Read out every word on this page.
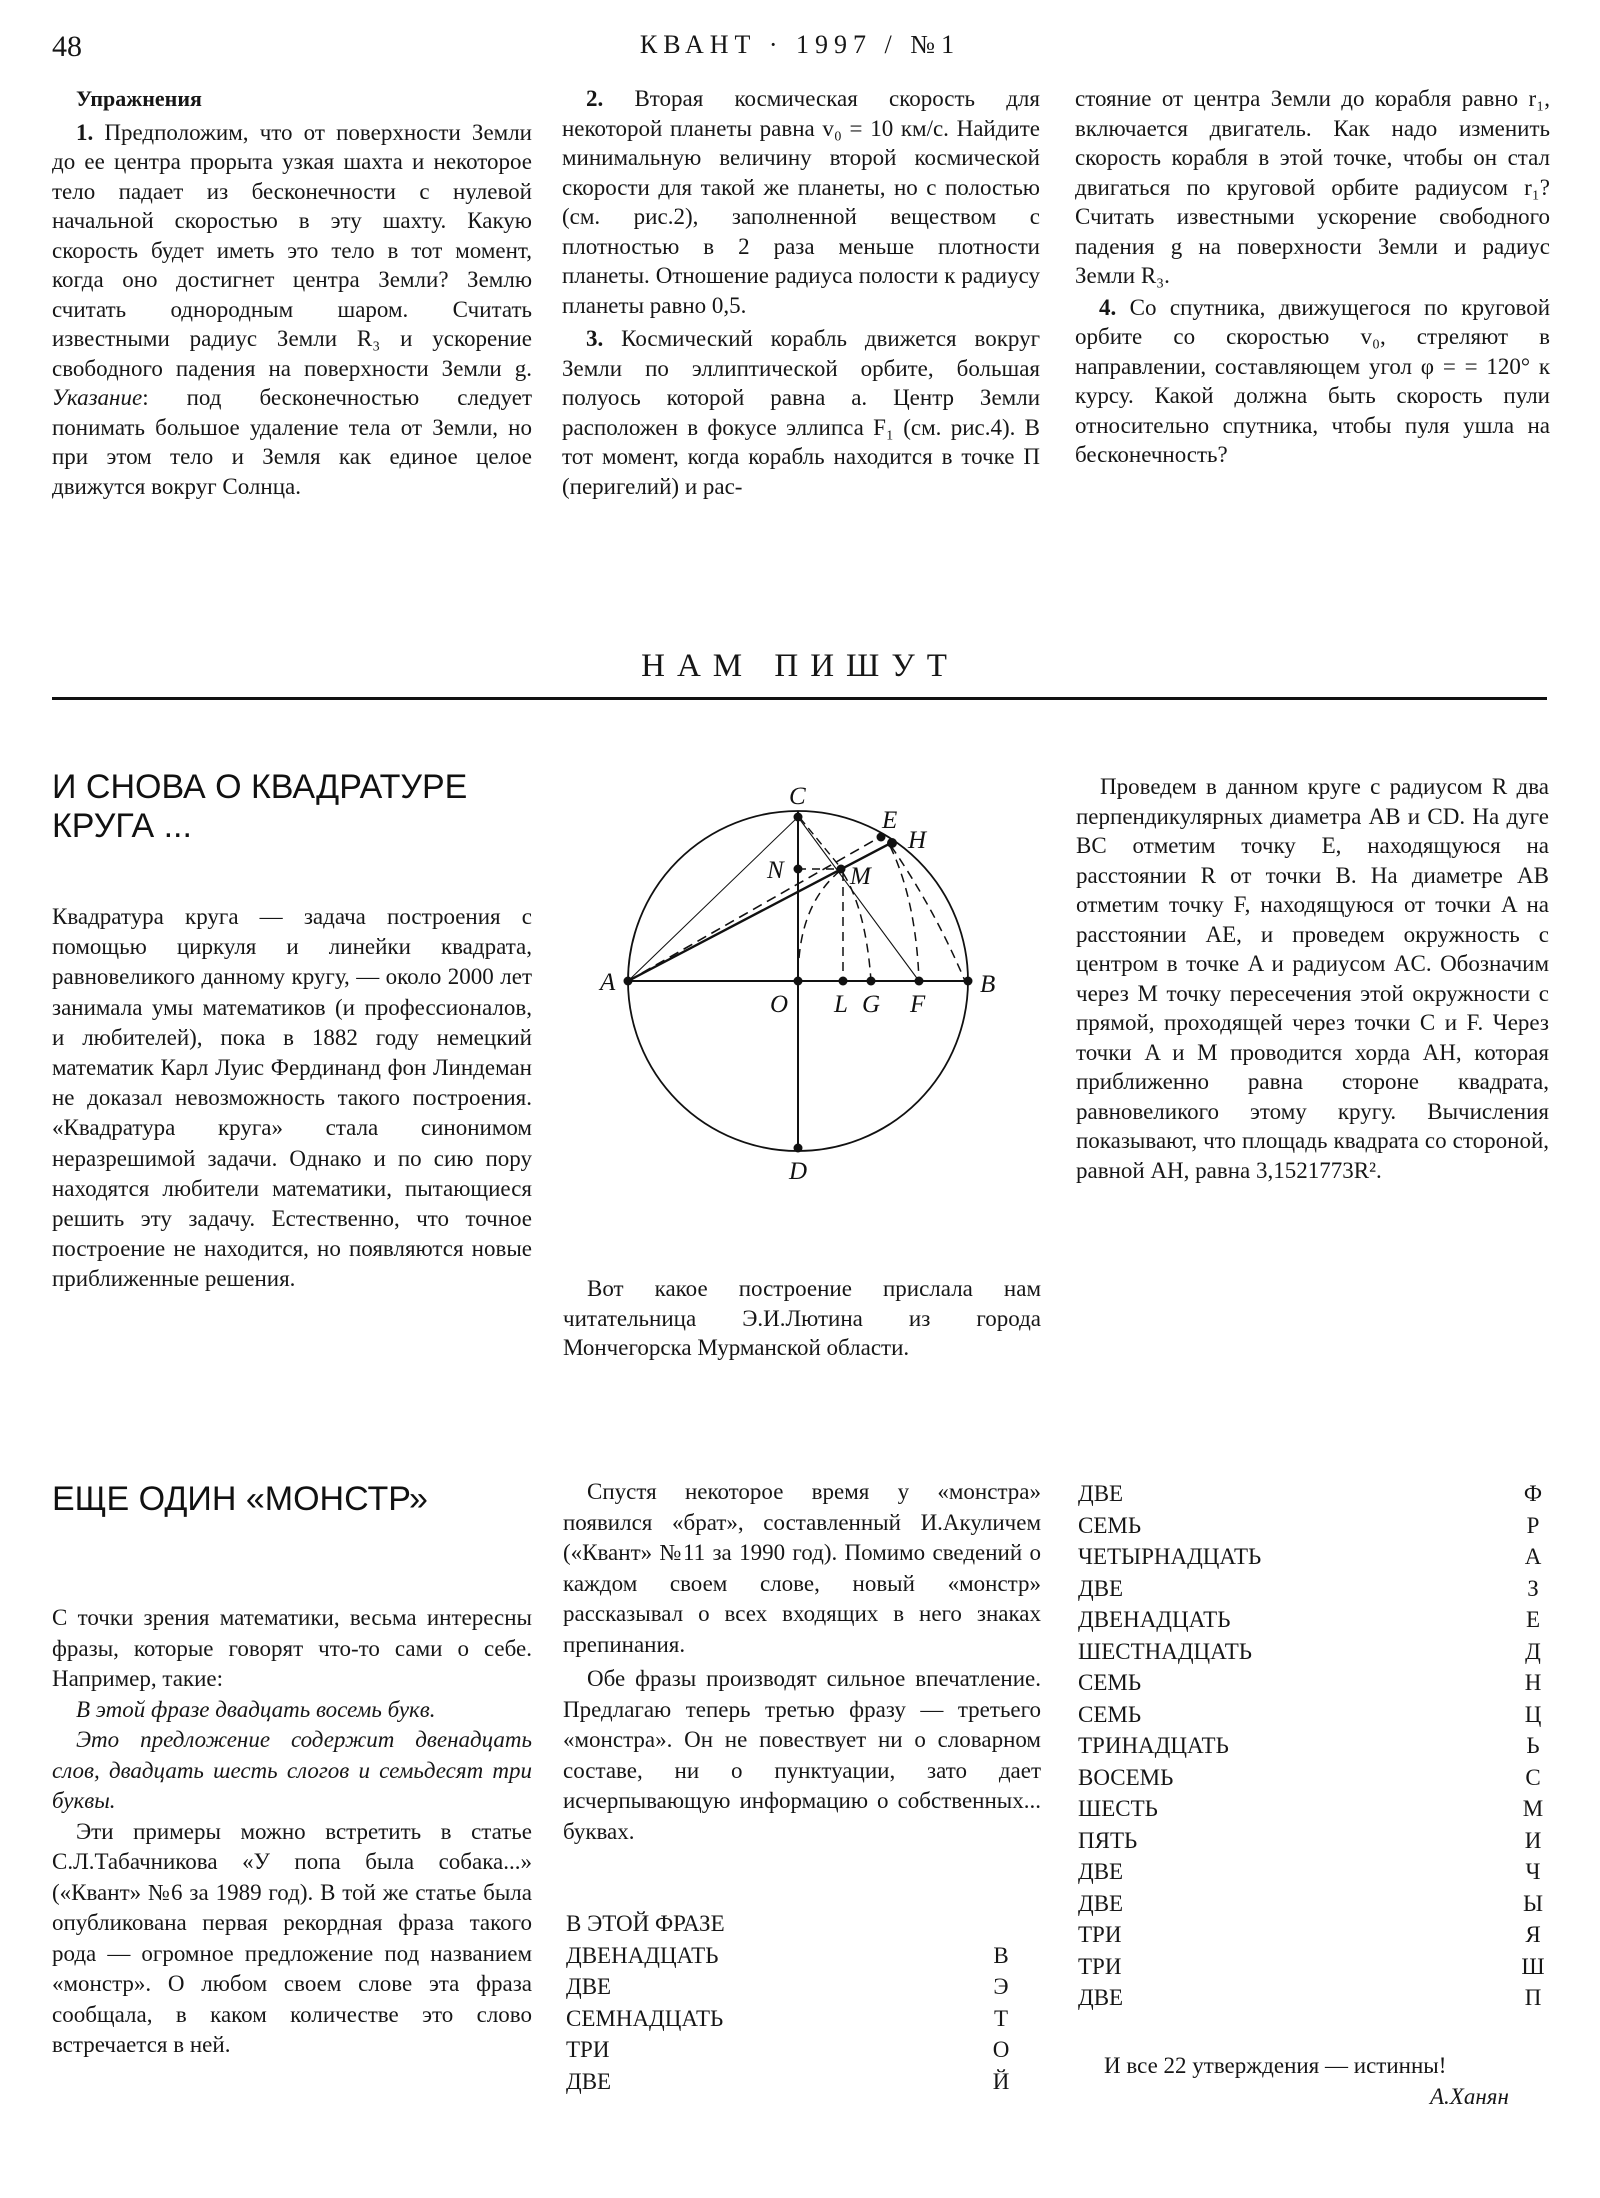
48	КВАНТ · 1997 / №1
Упражнения

1. Предположим, что от поверхности Земли до ее центра прорыта узкая шахта и некоторое тело падает из бесконечности с нулевой начальной скоростью в эту шахту. Какую скорость будет иметь это тело в тот момент, когда оно достигнет центра Земли? Землю считать однородным шаром. Считать известными радиус Земли R₃ и ускорение свободного падения на поверхности Земли g. Указание: под бесконечностью следует понимать большое удаление тела от Земли, но при этом тело и Земля как единое целое движутся вокруг Солнца.

2. Вторая космическая скорость для некоторой планеты равна v₀ = 10 км/с. Найдите минимальную величину второй космической скорости для такой же планеты, но с полостью (см. рис.2), заполненной веществом с плотностью в 2 раза меньше плотности планеты. Отношение радиуса полости к радиусу планеты равно 0,5.

3. Космический корабль движется вокруг Земли по эллиптической орбите, большая полуось которой равна a. Центр Земли расположен в фокусе эллипса F₁ (см. рис.4). В тот момент, когда корабль находится в точке П (перигелий) и рас-

стояние от центра Земли до корабля равно r₁, включается двигатель. Как надо изменить скорость корабля в этой точке, чтобы он стал двигаться по круговой орбите радиусом r₁? Считать известными ускорение свободного падения g на поверхности Земли и радиус Земли R₃.

4. Со спутника, движущегося по круговой орбите со скоростью v₀, стреляют в направлении, составляющем угол φ = = 120° к курсу. Какой должна быть скорость пули относительно спутника, чтобы пуля ушла на бесконечность?

НАМ ПИШУТ
И СНОВА О КВАДРАТУРЕ КРУГА ...

Квадратура круга — задача построения с помощью циркуля и линейки квадрата, равновеликого данному кругу, — около 2000 лет занимала умы математиков (и профессионалов, и любителей), пока в 1882 году немецкий математик Карл Луис Фердинанд фон Линдеман не доказал невозможность такого построения. «Квадратура круга» стала синонимом неразрешимой задачи. Однако и по сию пору находятся любители математики, пытающиеся решить эту задачу. Естественно, что точное построение не находится, но появляются новые приближенные решения.

A	B
C
D
E
H
N	M
O L G F

Вот какое построение прислала нам читательница Э.И.Лютина из города Мончегорска Мурманской области.

Проведем в данном круге с радиусом R два перпендикулярных диаметра AB и CD. На дуге BC отметим точку E, находящуюся на расстоянии R от точки B. На диаметре AB отметим точку F, находящуюся от точки A на расстоянии AE, и проведем окружность с центром в точке A и радиусом AC. Обозначим через M точку пересечения этой окружности с прямой, проходящей через точки C и F. Через точки A и M проводится хорда AH, которая приближенно равна стороне квадрата, равновеликого этому кругу. Вычисления показывают, что площадь квадрата со стороной, равной AH, равна 3,1521773R².

ЕЩЕ ОДИН «МОНСТР»

С точки зрения математики, весьма интересны фразы, которые говорят что-то сами о себе. Например, такие:

В этой фразе двадцать восемь букв.

Это предложение содержит двенадцать слов, двадцать шесть слогов и семьдесят три буквы.

Эти примеры можно встретить в статье С.Л.Табачникова «У попа была собака...» («Квант» №6 за 1989 год). В той же статье была опубликована первая рекордная фраза такого рода — огромное предложение под названием «монстр». О любом своем слове эта фраза сообщала, в каком количестве это слово встречается в ней.

Спустя некоторое время у «монстра» появился «брат», составленный И.Акуличем («Квант» №11 за 1990 год). Помимо сведений о каждом своем слове, новый «монстр» рассказывал о всех входящих в него знаках препинания.

Обе фразы производят сильное впечатление. Предлагаю теперь третью фразу — третьего «монстра». Он не повествует ни о словарном составе, ни о пунктуации, зато дает исчерпывающую информацию о собственных... буквах.

В ЭТОЙ ФРАЗЕ
ДВЕНАДЦАТЬ	В
ДВЕ	Э
СЕМНАДЦАТЬ	Т
ТРИ	О
ДВЕ	Й
ДВЕ	Ф
СЕМЬ	Р
ЧЕТЫРНАДЦАТЬ	А
ДВЕ	З
ДВЕНАДЦАТЬ	Е
ШЕСТНАДЦАТЬ	Д
СЕМЬ	Н
СЕМЬ	Ц
ТРИНАДЦАТЬ	Ь
ВОСЕМЬ	С
ШЕСТЬ	М
ПЯТЬ	И
ДВЕ	Ч
ДВЕ	Ы
ТРИ	Я
ТРИ	Ш
ДВЕ	П
И все 22 утверждения — истинны!
А.Ханян
